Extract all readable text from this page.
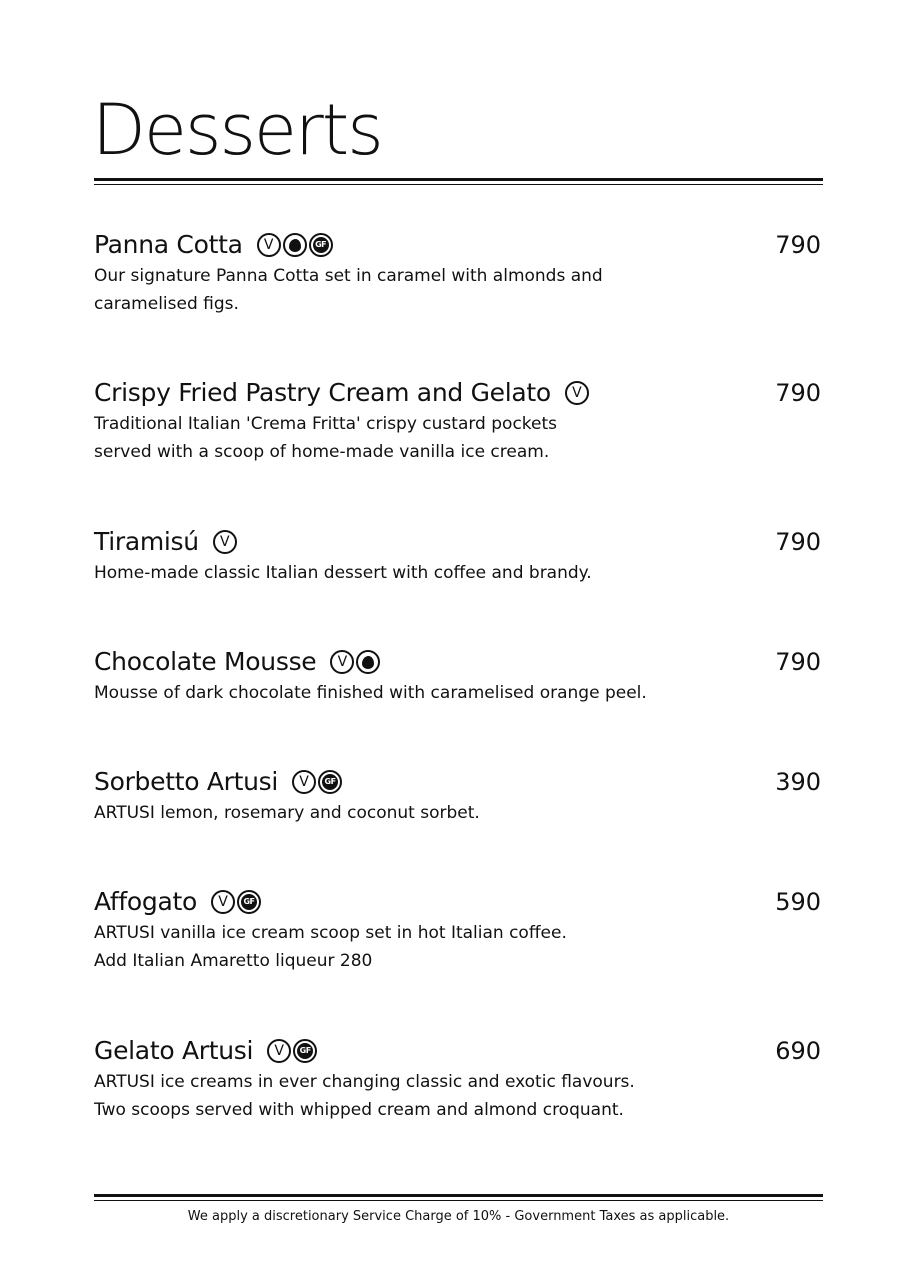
Desserts
Panna Cotta	V	GF	790
Our signature Panna Cotta set in caramel with almonds and
caramelised figs.
Crispy Fried Pastry Cream and Gelato	V	790
Traditional Italian 'Crema Fritta' crispy custard pockets
served with a scoop of home-made vanilla ice cream.
Tiramisú	V	790
Home-made classic Italian dessert with coffee and brandy.
Chocolate Mousse	V	790
Mousse of dark chocolate finished with caramelised orange peel.
Sorbetto Artusi	V	GF	390
ARTUSI lemon, rosemary and coconut sorbet.
Affogato	V	GF	590
ARTUSI vanilla ice cream scoop set in hot Italian coffee.
Add Italian Amaretto liqueur 280
Gelato Artusi	V	GF	690
ARTUSI ice creams in ever changing classic and exotic flavours.
Two scoops served with whipped cream and almond croquant.
We apply a discretionary Service Charge of 10% - Government Taxes as applicable.
